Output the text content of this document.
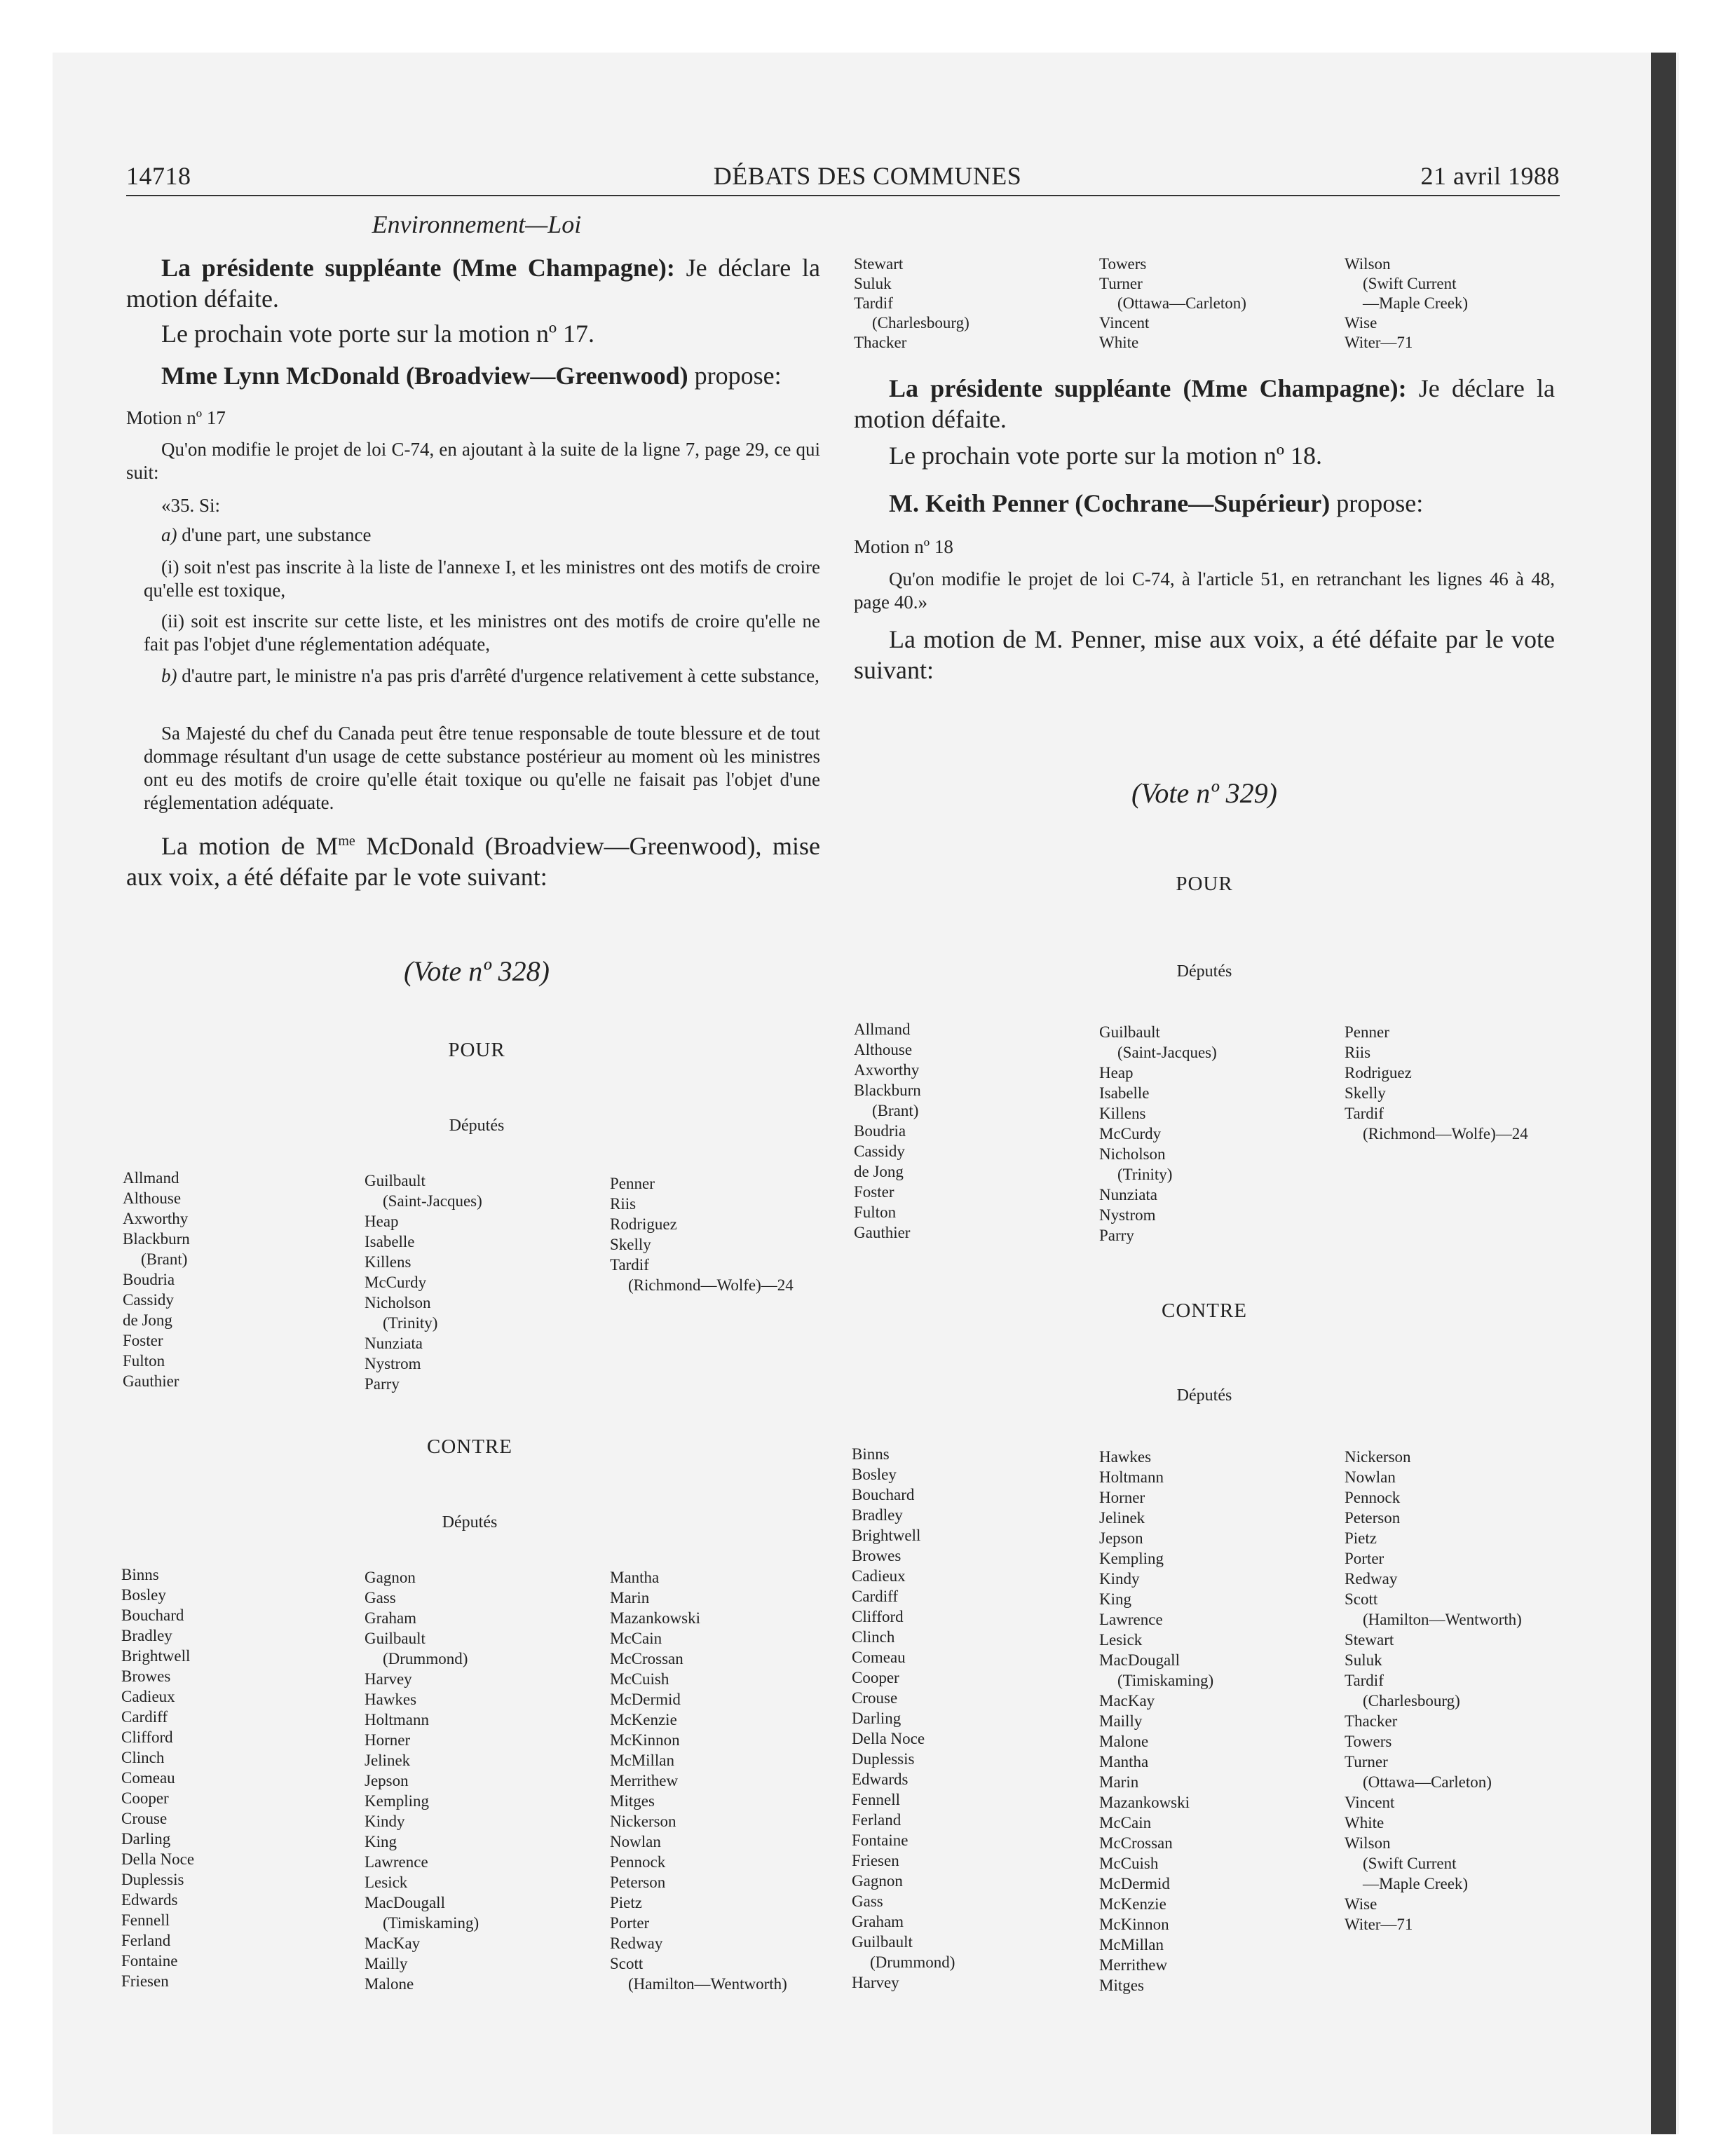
14718	DÉBATS DES COMMUNES	21 avril 1988
Environnement—Loi
La présidente suppléante (Mme Champagne): Je déclare la motion défaite.
Le prochain vote porte sur la motion nº 17.
Mme Lynn McDonald (Broadview—Greenwood) propose:
Motion nº 17
Qu'on modifie le projet de loi C-74, en ajoutant à la suite de la ligne 7, page 29, ce qui suit:
«35. Si:
a) d'une part, une substance
(i) soit n'est pas inscrite à la liste de l'annexe I, et les ministres ont des motifs de croire qu'elle est toxique,
(ii) soit est inscrite sur cette liste, et les ministres ont des motifs de croire qu'elle ne fait pas l'objet d'une réglementation adéquate,
b) d'autre part, le ministre n'a pas pris d'arrêté d'urgence relativement à cette substance,
Sa Majesté du chef du Canada peut être tenue responsable de toute blessure et de tout dommage résultant d'un usage de cette substance postérieur au moment où les ministres ont eu des motifs de croire qu'elle était toxique ou qu'elle ne faisait pas l'objet d'une réglementation adéquate.
La motion de $M^{me}$ McDonald (Broadview—Greenwood), mise aux voix, a été défaite par le vote suivant:
(Vote nº 328)
POUR
Députés
Allmand
Althouse
Axworthy
Blackburn
(Brant)
Boudria
Cassidy
de Jong
Foster
Fulton
Gauthier
Guilbault
(Saint-Jacques)
Heap
Isabelle
Killens
McCurdy
Nicholson
(Trinity)
Nunziata
Nystrom
Parry
Penner
Riis
Rodriguez
Skelly
Tardif
(Richmond—Wolfe)—24
CONTRE
Députés
Binns
Bosley
Bouchard
Bradley
Brightwell
Browes
Cadieux
Cardiff
Clifford
Clinch
Comeau
Cooper
Crouse
Darling
Della Noce
Duplessis
Edwards
Fennell
Ferland
Fontaine
Friesen
Gagnon
Gass
Graham
Guilbault
(Drummond)
Harvey
Hawkes
Holtmann
Horner
Jelinek
Jepson
Kempling
Kindy
King
Lawrence
Lesick
MacDougall
(Timiskaming)
MacKay
Mailly
Malone
Mantha
Marin
Mazankowski
McCain
McCrossan
McCuish
McDermid
McKenzie
McKinnon
McMillan
Merrithew
Mitges
Nickerson
Nowlan
Pennock
Peterson
Pietz
Porter
Redway
Scott
(Hamilton—Wentworth)
Stewart
Suluk
Tardif
(Charlesbourg)
Thacker
Towers
Turner
(Ottawa—Carleton)
Vincent
White
Wilson
(Swift Current
—Maple Creek)
Wise
Witer—71
La présidente suppléante (Mme Champagne): Je déclare la motion défaite.
Le prochain vote porte sur la motion nº 18.
M. Keith Penner (Cochrane—Supérieur) propose:
Motion nº 18
Qu'on modifie le projet de loi C-74, à l'article 51, en retranchant les lignes 46 à 48, page 40.»
La motion de M. Penner, mise aux voix, a été défaite par le vote suivant:
(Vote nº 329)
POUR
Députés
Allmand
Althouse
Axworthy
Blackburn
(Brant)
Boudria
Cassidy
de Jong
Foster
Fulton
Gauthier
Guilbault
(Saint-Jacques)
Heap
Isabelle
Killens
McCurdy
Nicholson
(Trinity)
Nunziata
Nystrom
Parry
Penner
Riis
Rodriguez
Skelly
Tardif
(Richmond—Wolfe)—24
CONTRE
Députés
Binns
Bosley
Bouchard
Bradley
Brightwell
Browes
Cadieux
Cardiff
Clifford
Clinch
Comeau
Cooper
Crouse
Darling
Della Noce
Duplessis
Edwards
Fennell
Ferland
Fontaine
Friesen
Gagnon
Gass
Graham
Guilbault
(Drummond)
Harvey
Hawkes
Holtmann
Horner
Jelinek
Jepson
Kempling
Kindy
King
Lawrence
Lesick
MacDougall
(Timiskaming)
MacKay
Mailly
Malone
Mantha
Marin
Mazankowski
McCain
McCrossan
McCuish
McDermid
McKenzie
McKinnon
McMillan
Merrithew
Mitges
Nickerson
Nowlan
Pennock
Peterson
Pietz
Porter
Redway
Scott
(Hamilton—Wentworth)
Stewart
Suluk
Tardif
(Charlesbourg)
Thacker
Towers
Turner
(Ottawa—Carleton)
Vincent
White
Wilson
(Swift Current
—Maple Creek)
Wise
Witer—71
